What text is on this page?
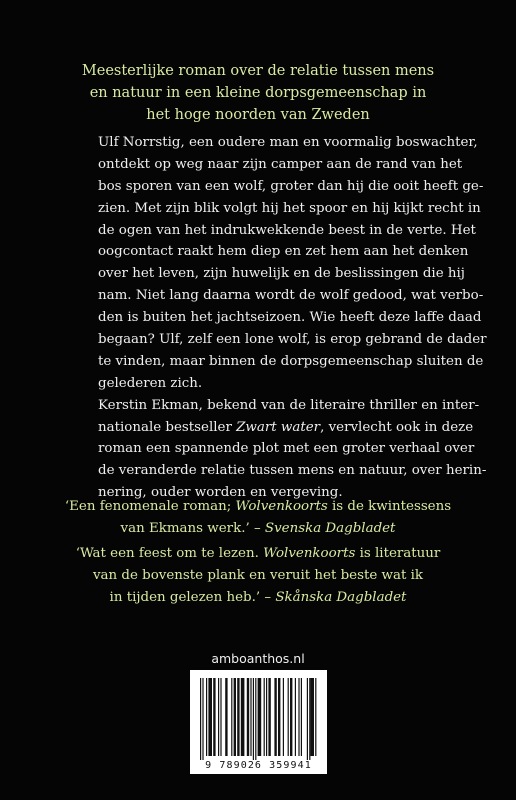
Meesterlijke roman over de relatie tussen mens
en natuur in een kleine dorpsgemeenschap in
het hoge noorden van Zweden

Ulf Norrstig, een oudere man en voormalig boswachter,
ontdekt op weg naar zijn camper aan de rand van het
bos sporen van een wolf, groter dan hij die ooit heeft ge-
zien. Met zijn blik volgt hij het spoor en hij kijkt recht in
de ogen van het indrukwekkende beest in de verte. Het
oogcontact raakt hem diep en zet hem aan het denken
over het leven, zijn huwelijk en de beslissingen die hij
nam. Niet lang daarna wordt de wolf gedood, wat verbo-
den is buiten het jachtseizoen. Wie heeft deze laffe daad
begaan? Ulf, zelf een lone wolf, is erop gebrand de dader
te vinden, maar binnen de dorpsgemeenschap sluiten de
gelederen zich.

Kerstin Ekman, bekend van de literaire thriller en inter-
nationale bestseller Zwart water, vervlecht ook in deze
roman een spannende plot met een groter verhaal over
de veranderde relatie tussen mens en natuur, over herin-
nering, ouder worden en vergeving.

‘Een fenomenale roman; Wolvenkoorts is de kwintessens
van Ekmans werk.’ – Svenska Dagbladet
‘Wat een feest om te lezen. Wolvenkoorts is literatuur
van de bovenste plank en veruit het beste wat ik
in tijden gelezen heb.’ – Skånska Dagbladet
amboanthos.nl
9 789026 359941
